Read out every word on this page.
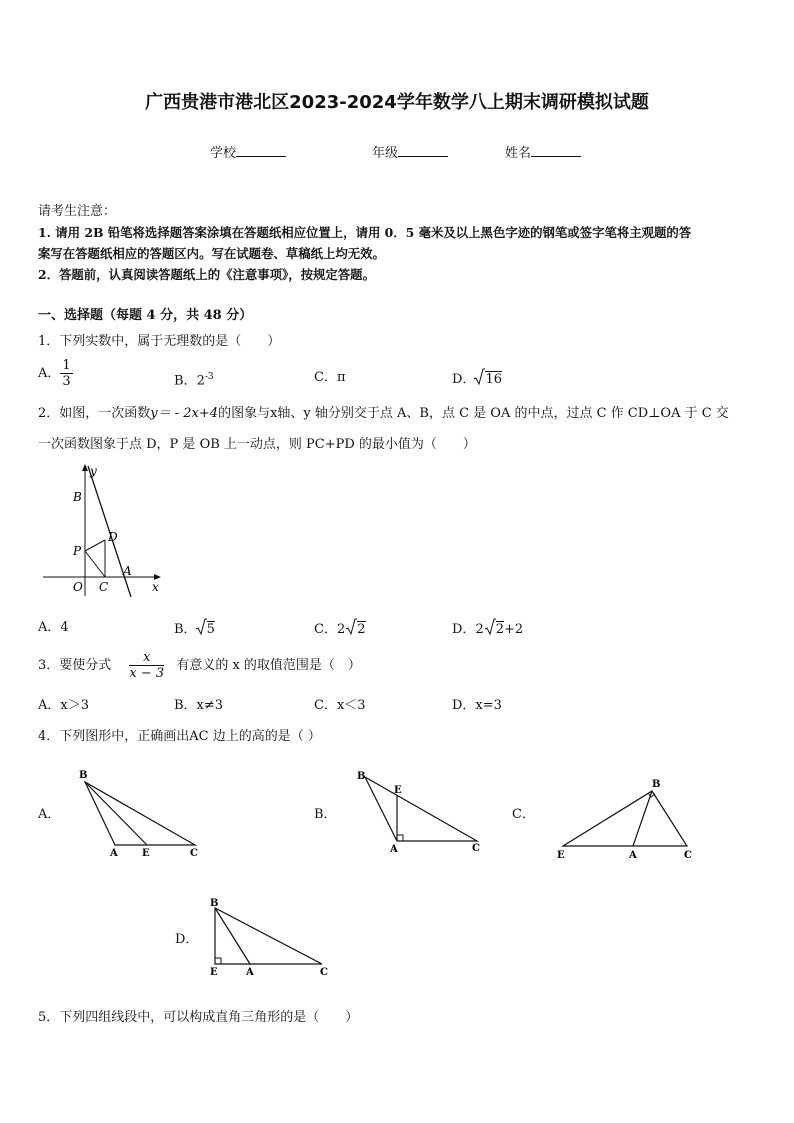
广西贵港市港北区2023-2024学年数学八上期末调研模拟试题
学校	年级	姓名
请考生注意：
1. 请用 2B 铅笔将选择题答案涂填在答题纸相应位置上，请用 0．5 毫米及以上黑色字迹的钢笔或签字笔将主观题的答
案写在答题纸相应的答题区内。写在试题卷、草稿纸上均无效。
2．答题前，认真阅读答题纸上的《注意事项》，按规定答题。
一、选择题（每题 4 分，共 48 分）
1．下列实数中，属于无理数的是（　　）
A． $\frac{1}{3}$	B．$2^{-3}$	C．π	D． 16
2．如图，一次函数y＝ - 2x+4的图象与x轴、y 轴分别交于点 A、B，点 C 是 OA 的中点，过点 C 作 CD⊥OA 于 C 交
一次函数图象于点 D，P 是 OB 上一动点，则 PC+PD 的最小值为（　　）
y
x
B
D
P
O C
A
A．4	B． 5	C．2 2	D．2 2+2
3．要使分式 $\frac{x}{x - 3}$ 有意义的 x 的取值范围是（　）
A．x＞3	B．x≠3	C．x＜3	D．x=3
4．下列图形中，正确画出AC 边上的高的是（ ）
A．
B
A E	C
B．
B
E
A	C
C．
B
E	A	C
D．
B
E	A	C
5．下列四组线段中，可以构成直角三角形的是（　　）
